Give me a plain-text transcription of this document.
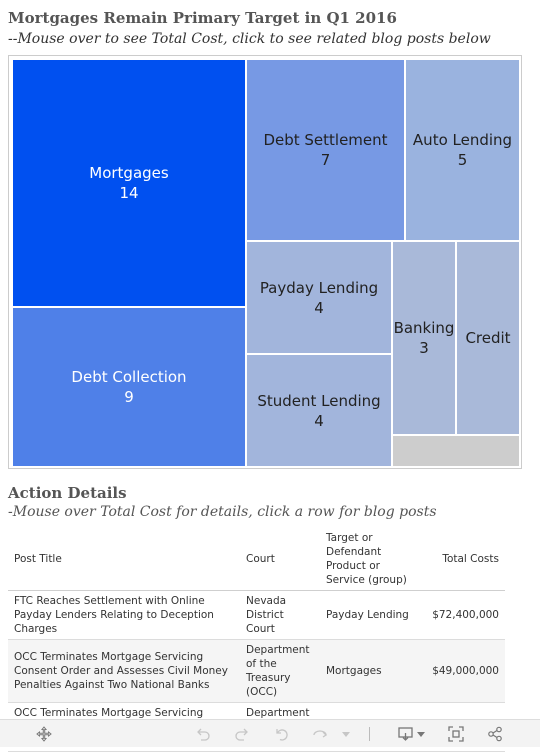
Mortgages Remain Primary Target in Q1 2016
--Mouse over to see Total Cost, click to see related blog posts below
Mortgages
14
Debt Collection
9
Debt Settlement
7
Auto Lending
5
Payday Lending
4
Student Lending
4
Banking
3
Credit
Action Details
-Mouse over Total Cost for details, click a row for blog posts
Post Title	Court	Target or Defendant Product or Service (group)	Total Costs
FTC Reaches Settlement with Online Payday Lenders Relating to Deception Charges	Nevada District Court	Payday Lending	$72,400,000
OCC Terminates Mortgage Servicing Consent Order and Assesses Civil Money Penalties Against Two National Banks	Department of the Treasury (OCC)	Mortgages	$49,000,000
OCC Terminates Mortgage Servicing	Department		
